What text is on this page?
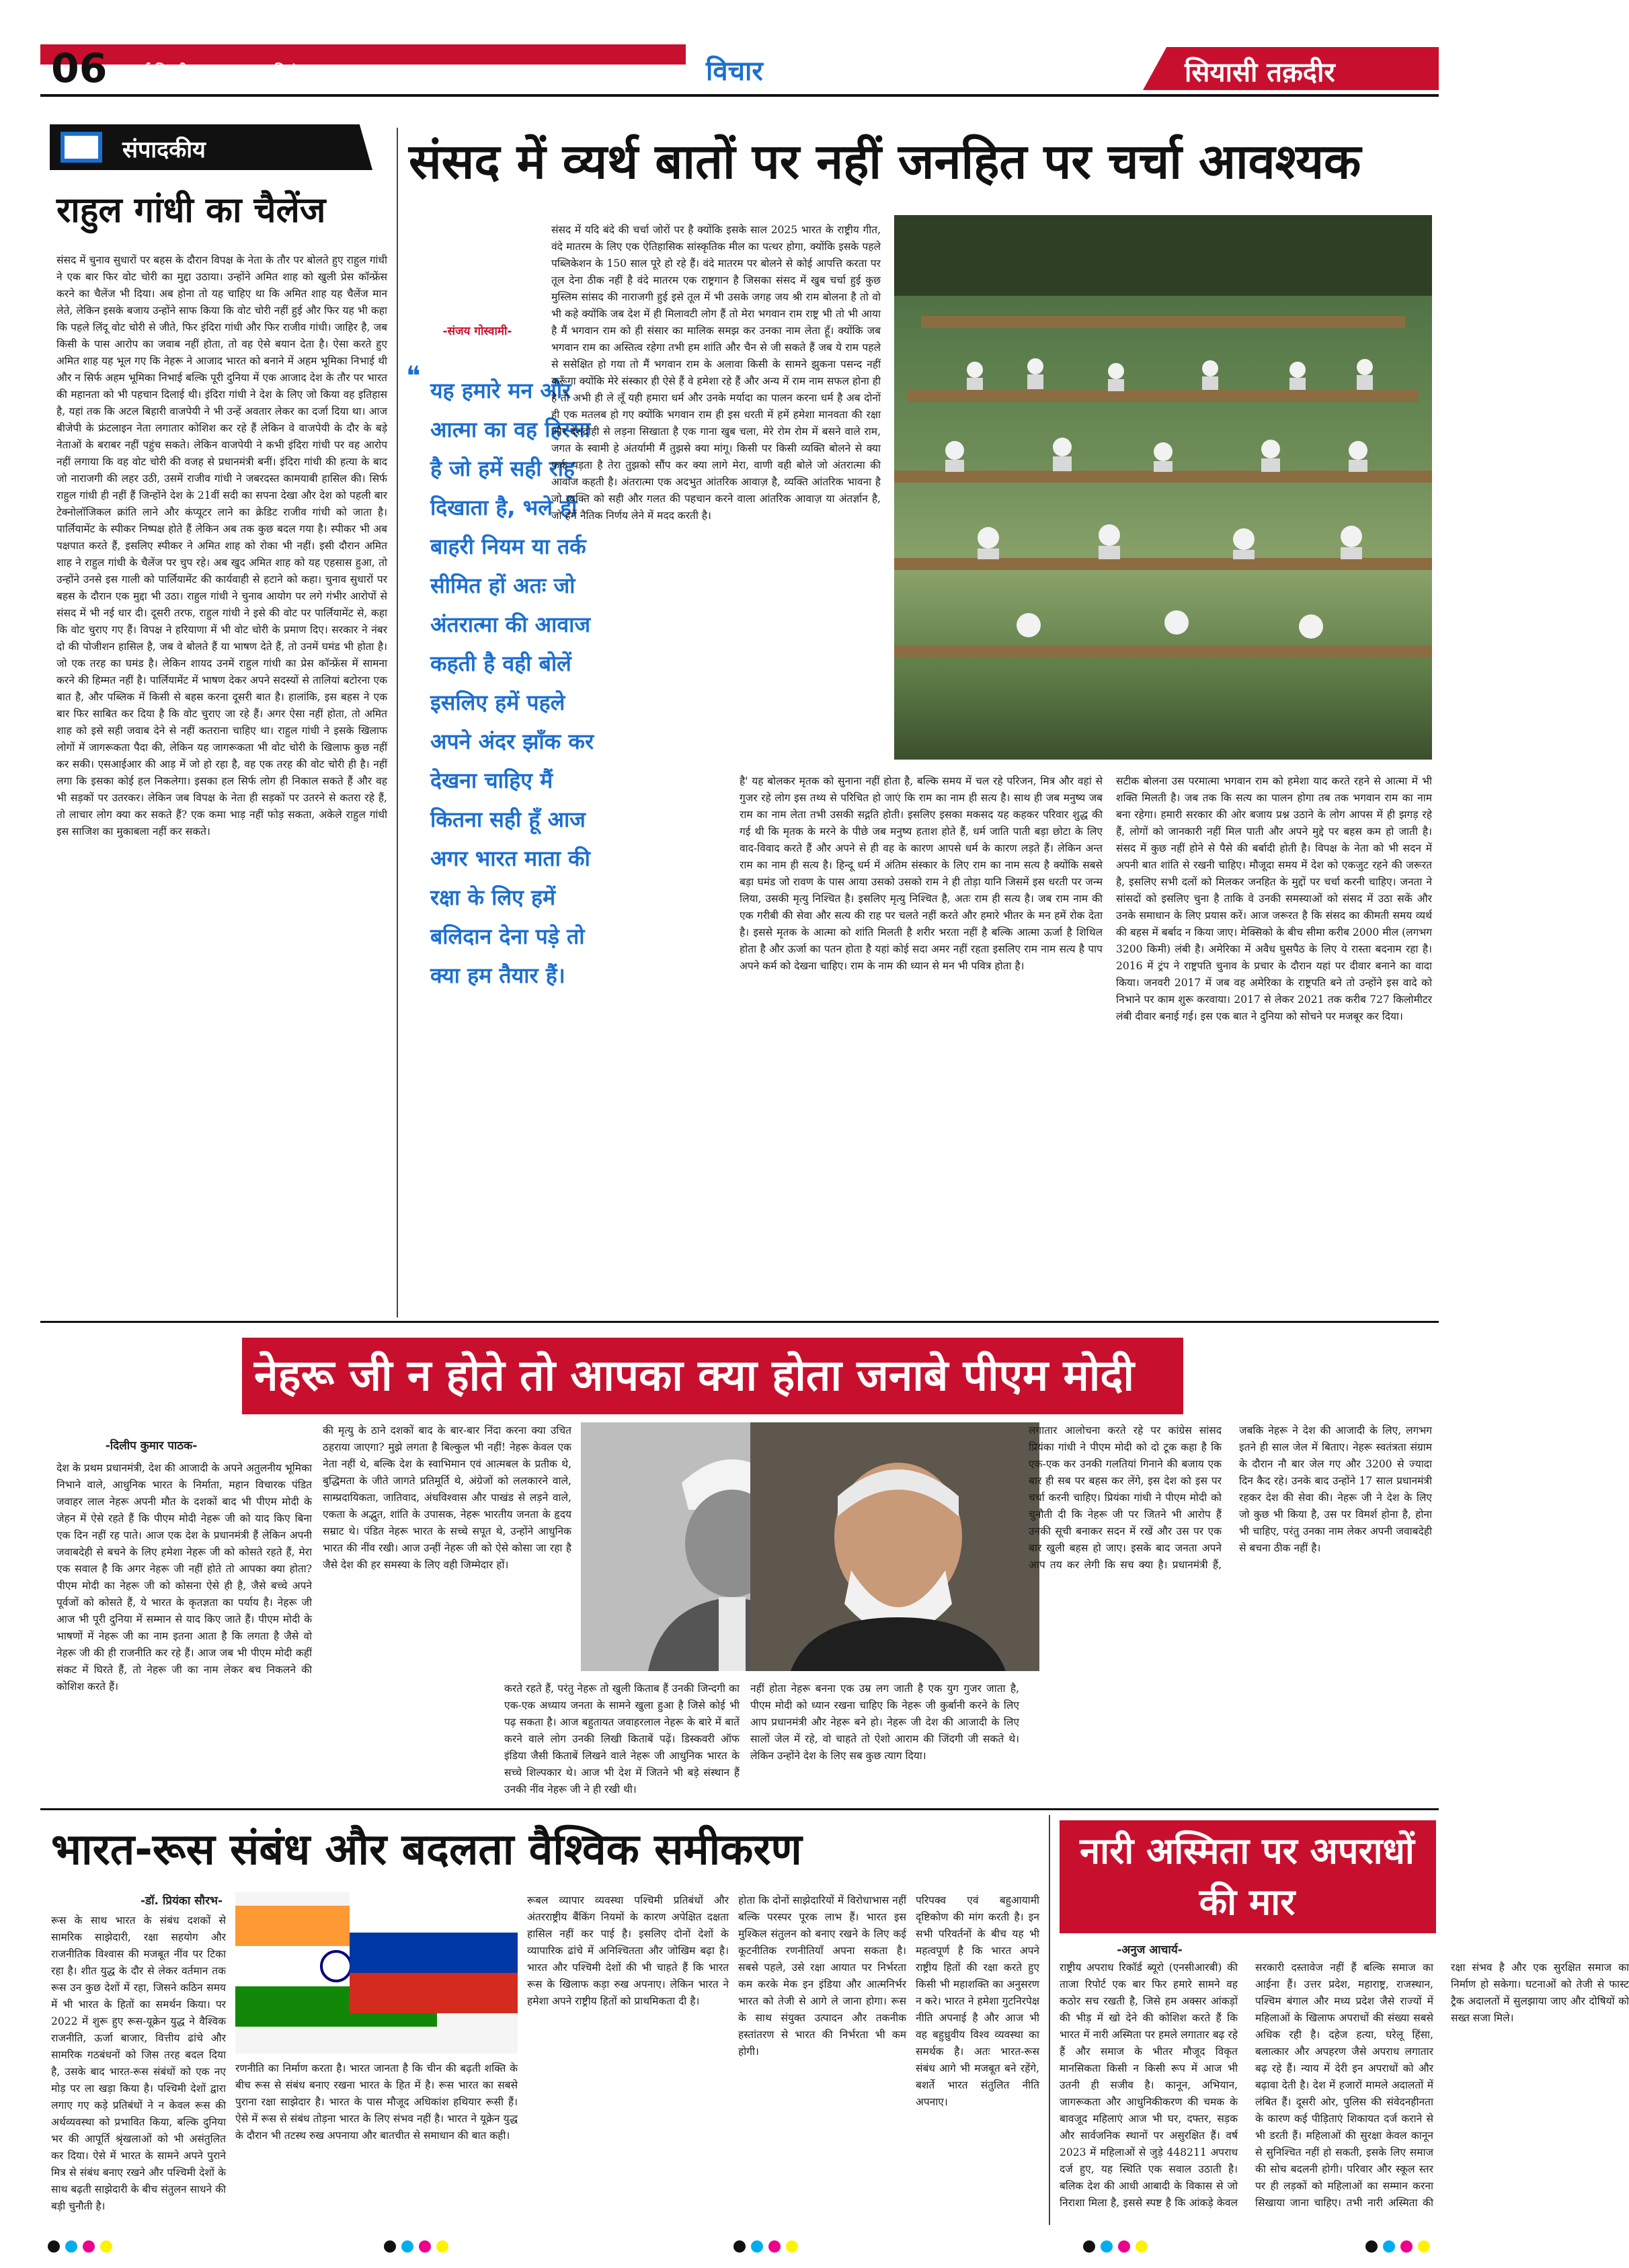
06 नई दिल्ली, शुक्रवार, 12 दिसंबर, 2025	विचार	सियासी तक़दीर
संपादकीय
राहुल गांधी का चैलेंज
संसद में चुनाव सुधारों पर बहस के दौरान विपक्ष के नेता के तौर पर बोलते हुए राहुल गांधी ने एक बार फिर वोट चोरी का मुद्दा उठाया। उन्होंने अमित शाह को खुली प्रेस कॉन्फ्रेंस करने का चैलेंज भी दिया। अब होना तो यह चाहिए था कि अमित शाह यह चैलेंज मान लेते, लेकिन इसके बजाय उन्होंने साफ किया कि वोट चोरी नहीं हुई और फिर यह भी कहा कि पहले लिंदू वोट चोरी से जीते, फिर इंदिरा गांधी और फिर राजीव गांधी। जाहिर है, जब किसी के पास आरोप का जवाब नहीं होता, तो वह ऐसे बयान देता है। ऐसा करते हुए अमित शाह यह भूल गए कि नेहरू ने आजाद भारत को बनाने में अहम भूमिका निभाई थी और न सिर्फ अहम भूमिका निभाई बल्कि पूरी दुनिया में एक आजाद देश के तौर पर भारत की महानता को भी पहचान दिलाई थी। इंदिरा गांधी ने देश के लिए जो किया वह इतिहास है, यहां तक कि अटल बिहारी वाजपेयी ने भी उन्हें अवतार लेकर का दर्जा दिया था। आज बीजेपी के फ्रंटलाइन नेता लगातार कोशिश कर रहे हैं लेकिन वे वाजपेयी के दौर के बड़े नेताओं के बराबर नहीं पहुंच सकते। लेकिन वाजपेयी ने कभी इंदिरा गांधी पर वह आरोप नहीं लगाया कि वह वोट चोरी की वजह से प्रधानमंत्री बनीं। इंदिरा गांधी की हत्या के बाद जो नाराजगी की लहर उठी, उसमें राजीव गांधी ने जबरदस्त कामयाबी हासिल की। सिर्फ राहुल गांधी ही नहीं हैं जिन्होंने देश के 21वीं सदी का सपना देखा और देश को पहली बार टेक्नोलॉजिकल क्रांति लाने और कंप्यूटर लाने का क्रेडिट राजीव गांधी को जाता है। पार्लियामेंट के स्पीकर निष्पक्ष होते हैं लेकिन अब तक कुछ बदल गया है। स्पीकर भी अब पक्षपात करते हैं, इसलिए स्पीकर ने अमित शाह को रोका भी नहीं। इसी दौरान अमित शाह ने राहुल गांधी के चैलेंज पर चुप रहे। अब खुद अमित शाह को यह एहसास हुआ, तो उन्होंने उनसे इस गाली को पार्लियामेंट की कार्यवाही से हटाने को कहा। चुनाव सुधारों पर बहस के दौरान एक मुद्दा भी उठा। राहुल गांधी ने चुनाव आयोग पर लगे गंभीर आरोपों से संसद में भी नई धार दी। दूसरी तरफ, राहुल गांधी ने इसे की वोट पर पार्लियामेंट से, कहा कि वोट चुराए गए हैं। विपक्ष ने हरियाणा में भी वोट चोरी के प्रमाण दिए। सरकार ने नंबर दो की पोजीशन हासिल है, जब वे बोलते हैं या भाषण देते हैं, तो उनमें घमंड भी होता है। जो एक तरह का घमंड है। लेकिन शायद उनमें राहुल गांधी का प्रेस कॉन्फ्रेंस में सामना करने की हिम्मत नहीं है। पार्लियामेंट में भाषण देकर अपने सदस्यों से तालियां बटोरना एक बात है, और पब्लिक में किसी से बहस करना दूसरी बात है। हालांकि, इस बहस ने एक बार फिर साबित कर दिया है कि वोट चुराए जा रहे हैं। अगर ऐसा नहीं होता, तो अमित शाह को इसे सही जवाब देने से नहीं कतराना चाहिए था। राहुल गांधी ने इसके खिलाफ लोगों में जागरूकता पैदा की, लेकिन यह जागरूकता भी वोट चोरी के खिलाफ कुछ नहीं कर सकी। एसआईआर की आड़ में जो हो रहा है, वह एक तरह की वोट चोरी ही है। नहीं लगा कि इसका कोई हल निकलेगा। इसका हल सिर्फ लोग ही निकाल सकते हैं और वह भी सड़कों पर उतरकर। लेकिन जब विपक्ष के नेता ही सड़कों पर उतरने से कतरा रहे हैं, तो लाचार लोग क्या कर सकते हैं? एक कमा भाड़ नहीं फोड़ सकता, अकेले राहुल गांधी इस साजिश का मुकाबला नहीं कर सकते।
संसद में व्यर्थ बातों पर नहीं जनहित पर चर्चा आवश्यक
-संजय गोस्वामी-
❝ यह हमारे मन और आत्मा का वह हिस्सा है जो हमें सही राह दिखाता है, भले ही बाहरी नियम या तर्क सीमित हों अतः जो अंतरात्मा की आवाज कहती है वही बोलें इसलिए हमें पहले अपने अंदर झाँक कर देखना चाहिए मैं कितना सही हूँ आज अगर भारत माता की रक्षा के लिए हमें बलिदान देना पड़े तो क्या हम तैयार हैं।
संसद में यदि बंदे की चर्चा जोरों पर है क्योंकि इसके साल 2025 भारत के राष्ट्रीय गीत, वंदे मातरम के लिए एक ऐतिहासिक सांस्कृतिक मील का पत्थर होगा, क्योंकि इसके पहले पब्लिकेशन के 150 साल पूरे हो रहे हैं। वंदे मातरम पर बोलने से कोई आपत्ति करता पर तूल देना ठीक नहीं है वंदे मातरम एक राष्ट्रगान है जिसका संसद में खुब चर्चा हुई कुछ मुस्लिम सांसद की नाराजगी हुई इसे तूल में भी उसके जगह जय श्री राम बोलना है तो वो भी कहे क्योंकि जब देश में ही मिलावटी लोग हैं तो मेरा भगवान राम राष्ट्र भी तो भी आया है मैं भगवान राम को ही संसार का मालिक समझ कर उनका नाम लेता हूँ। क्योंकि जब भगवान राम का अस्तित्व रहेगा तभी हम शांति और चैन से जी सकते हैं जब ये राम पहले से ससेक्षित हो गया तो मैं भगवान राम के अलावा किसी के सामने झुकना पसन्द नहीं करूँगा क्योंकि मेरे संस्कार ही ऐसे हैं वे हमेशा रहे हैं और अन्य में राम नाम सफल होना ही है तो अभी ही ले लूँ यही हमारा धर्म और उनके मर्यादा का पालन करना धर्म है अब दोनों ही एक मतलब हो गए क्योंकि भगवान राम ही इस धरती में हमें हमेशा मानवता की रक्षा और देशद्रोही से लड़ना सिखाता है एक गाना खुब चला, मेरे रोम रोम में बसने वाले राम, जगत के स्वामी हे अंतर्यामी मैं तुझसे क्या मांगू। किसी पर किसी व्यक्ति बोलने से क्या फर्क पड़ता है तेरा तुझको सौंप कर क्या लागे मेरा, वाणी वही बोले जो अंतरात्मा की आवाज कहती है। अंतरात्मा एक अदभुत आंतरिक आवाज़ है, व्यक्ति आंतरिक भावना है जो व्यक्ति को सही और गलत की पहचान करने वाला आंतरिक आवाज़ या अंतर्ज्ञान है, जो हमें नैतिक निर्णय लेने में मदद करती है।
है' यह बोलकर मृतक को सुनाना नहीं होता है, बल्कि समय में चल रहे परिजन, मित्र और वहां से गुजर रहे लोग इस तथ्य से परिचित हो जाएं कि राम का नाम ही सत्य है। साथ ही जब मनुष्य जब राम का नाम लेता तभी उसकी सद्गति होती। इसलिए इसका मकसद यह कहकर परिवार शुद्ध की गई थी कि मृतक के मरने के पीछे जब मनुष्य हताश होते हैं, धर्म जाति पाती बड़ा छोटा के लिए वाद-विवाद करते हैं और अपने से ही वह के कारण आपसे धर्म के कारण लड़ते हैं। लेकिन अन्त राम का नाम ही सत्य है। हिन्दू धर्म में अंतिम संस्कार के लिए राम का नाम सत्य है क्योंकि सबसे बड़ा घमंड जो रावण के पास आया उसको उसको राम ने ही तोड़ा यानि जिसमें इस धरती पर जन्म लिया, उसकी मृत्यु निश्चित है। इसलिए मृत्यु निश्चित है, अतः राम ही सत्य है। जब राम नाम की एक गरीबी की सेवा और सत्य की राह पर चलते नहीं करते और हमारे भीतर के मन हमें रोक देता है। इससे मृतक के आत्मा को शांति मिलती है शरीर भरता नहीं है बल्कि आत्मा ऊर्जा है शिथिल होता है और ऊर्जा का पतन होता है यहां कोई सदा अमर नहीं रहता इसलिए राम नाम सत्य है पाप अपने कर्म को देखना चाहिए। राम के नाम की ध्यान से मन भी पवित्र होता है।
सटीक बोलना उस परमात्मा भगवान राम को हमेशा याद करते रहने से आत्मा में भी शक्ति मिलती है। जब तक कि सत्य का पालन होगा तब तक भगवान राम का नाम बना रहेगा। हमारी सरकार की ओर बजाय प्रश्न उठाने के लोग आपस में ही झगड़ रहे हैं, लोगों को जानकारी नहीं मिल पाती और अपने मुद्दे पर बहस कम हो जाती है। संसद में कुछ नहीं होने से पैसे की बर्बादी होती है। विपक्ष के नेता को भी सदन में अपनी बात शांति से रखनी चाहिए। मौजूदा समय में देश को एकजुट रहने की जरूरत है, इसलिए सभी दलों को मिलकर जनहित के मुद्दों पर चर्चा करनी चाहिए। जनता ने सांसदों को इसलिए चुना है ताकि वे उनकी समस्याओं को संसद में उठा सकें और उनके समाधान के लिए प्रयास करें। आज जरूरत है कि संसद का कीमती समय व्यर्थ की बहस में बर्बाद न किया जाए। मेक्सिको के बीच सीमा करीब 2000 मील (लगभग 3200 किमी) लंबी है। अमेरिका में अवैध घुसपैठ के लिए ये रास्ता बदनाम रहा है। 2016 में ट्रंप ने राष्ट्रपति चुनाव के प्रचार के दौरान यहां पर दीवार बनाने का वादा किया। जनवरी 2017 में जब वह अमेरिका के राष्ट्रपति बने तो उन्होंने इस वादे को निभाने पर काम शुरू करवाया। 2017 से लेकर 2021 तक करीब 727 किलोमीटर लंबी दीवार बनाई गई। इस एक बात ने दुनिया को सोचने पर मजबूर कर दिया।
नेहरू जी न होते तो आपका क्या होता जनाबे पीएम मोदी
-दिलीप कुमार पाठक-
देश के प्रथम प्रधानमंत्री, देश की आजादी के अपने अतुलनीय भूमिका निभाने वाले, आधुनिक भारत के निर्माता, महान विचारक पंडित जवाहर लाल नेहरू अपनी मौत के दशकों बाद भी पीएम मोदी के जेहन में ऐसे रहते हैं कि पीएम मोदी नेहरू जी को याद किए बिना एक दिन नहीं रह पाते। आज एक देश के प्रधानमंत्री हैं लेकिन अपनी जवाबदेही से बचने के लिए हमेशा नेहरू जी को कोसते रहते हैं, मेरा एक सवाल है कि अगर नेहरू जी नहीं होते तो आपका क्या होता? पीएम मोदी का नेहरू जी को कोसना ऐसे ही है, जैसे बच्चे अपने पूर्वजों को कोसते हैं, ये भारत के कृतज्ञता का पर्याय है। नेहरू जी आज भी पूरी दुनिया में सम्मान से याद किए जाते हैं। पीएम मोदी के भाषणों में नेहरू जी का नाम इतना आता है कि लगता है जैसे वो नेहरू जी की ही राजनीति कर रहे हैं। आज जब भी पीएम मोदी कहीं संकट में घिरते हैं, तो नेहरू जी का नाम लेकर बच निकलने की कोशिश करते हैं।
की मृत्यु के ठाने दशकों बाद के बार-बार निंदा करना क्या उचित ठहराया जाएगा? मुझे लगता है बिल्कुल भी नहीं! नेहरू केवल एक नेता नहीं थे, बल्कि देश के स्वाभिमान एवं आत्मबल के प्रतीक थे, बुद्धिमता के जीते जागते प्रतिमूर्ति थे, अंग्रेजों को ललकारने वाले, साम्प्रदायिकता, जातिवाद, अंधविश्वास और पाखंड से लड़ने वाले, एकता के अद्भुत, शांति के उपासक, नेहरू भारतीय जनता के हृदय सम्राट थे। पंडित नेहरू भारत के सच्चे सपूत थे, उन्होंने आधुनिक भारत की नींव रखी। आज उन्हीं नेहरू जी को ऐसे कोसा जा रहा है जैसे देश की हर समस्या के लिए वही जिम्मेदार हों।
करते रहते हैं, परंतु नेहरू तो खुली किताब हैं उनकी जिन्दगी का एक-एक अध्याय जनता के सामने खुला हुआ है जिसे कोई भी पढ़ सकता है। आज बहुतायत जवाहरलाल नेहरू के बारे में बातें करने वाले लोग उनकी लिखी किताबें पढ़ें। डिस्कवरी ऑफ इंडिया जैसी किताबें लिखने वाले नेहरू जी आधुनिक भारत के सच्चे शिल्पकार थे। आज भी देश में जितने भी बड़े संस्थान हैं उनकी नींव नेहरू जी ने ही रखी थी।
नहीं होता नेहरू बनना एक उम्र लग जाती है एक युग गुजर जाता है, पीएम मोदी को ध्यान रखना चाहिए कि नेहरू जी कुर्बानी करने के लिए आप प्रधानमंत्री और नेहरू बने हो। नेहरू जी देश की आजादी के लिए सालों जेल में रहे, वो चाहते तो ऐशो आराम की जिंदगी जी सकते थे। लेकिन उन्होंने देश के लिए सब कुछ त्याग दिया।
लगातार आलोचना करते रहे पर कांग्रेस सांसद प्रियंका गांधी ने पीएम मोदी को दो टूक कहा है कि एक-एक कर उनकी गलतियां गिनाने की बजाय एक बार ही सब पर बहस कर लेंगे, इस देश को इस पर चर्चा करनी चाहिए। प्रियंका गांधी ने पीएम मोदी को चुनौती दी कि नेहरू जी पर जितने भी आरोप हैं उनकी सूची बनाकर सदन में रखें और उस पर एक बार खुली बहस हो जाए। इसके बाद जनता अपने आप तय कर लेगी कि सच क्या है। प्रधानमंत्री हैं, जबकि नेहरू ने देश की आजादी के लिए, लगभग इतने ही साल जेल में बिताए। नेहरू स्वतंत्रता संग्राम के दौरान नौ बार जेल गए और 3200 से ज्यादा दिन कैद रहे। उनके बाद उन्होंने 17 साल प्रधानमंत्री रहकर देश की सेवा की। नेहरू जी ने देश के लिए जो कुछ भी किया है, उस पर विमर्श होना है, होना भी चाहिए, परंतु उनका नाम लेकर अपनी जवाबदेही से बचना ठीक नहीं है।
भारत-रूस संबंध और बदलता वैश्विक समीकरण
-डॉ. प्रियंका सौरभ-
रूस के साथ भारत के संबंध दशकों से सामरिक साझेदारी, रक्षा सहयोग और राजनीतिक विश्वास की मजबूत नींव पर टिका रहा है। शीत युद्ध के दौर से लेकर वर्तमान तक रूस उन कुछ देशों में रहा, जिसने कठिन समय में भी भारत के हितों का समर्थन किया। पर 2022 में शुरू हुए रूस-यूक्रेन युद्ध ने वैश्विक राजनीति, ऊर्जा बाजार, वित्तीय ढांचे और सामरिक गठबंधनों को जिस तरह बदल दिया है, उसके बाद भारत-रूस संबंधों को एक नए मोड़ पर ला खड़ा किया है। पश्चिमी देशों द्वारा लगाए गए कड़े प्रतिबंधों ने न केवल रूस की अर्थव्यवस्था को प्रभावित किया, बल्कि दुनिया भर की आपूर्ति श्रृंखलाओं को भी असंतुलित कर दिया। ऐसे में भारत के सामने अपने पुराने मित्र से संबंध बनाए रखने और पश्चिमी देशों के साथ बढ़ती साझेदारी के बीच संतुलन साधने की बड़ी चुनौती है।
रणनीति का निर्माण करता है। भारत जानता है कि चीन की बढ़ती शक्ति के बीच रूस से संबंध बनाए रखना भारत के हित में है। रूस भारत का सबसे पुराना रक्षा साझेदार है। भारत के पास मौजूद अधिकांश हथियार रूसी हैं। ऐसे में रूस से संबंध तोड़ना भारत के लिए संभव नहीं है। भारत ने यूक्रेन युद्ध के दौरान भी तटस्थ रुख अपनाया और बातचीत से समाधान की बात कही।
रूबल व्यापार व्यवस्था पश्चिमी प्रतिबंधों और अंतरराष्ट्रीय बैंकिंग नियमों के कारण अपेक्षित दक्षता हासिल नहीं कर पाई है। इसलिए दोनों देशों के व्यापारिक ढांचे में अनिश्चितता और जोखिम बढ़ा है। भारत और पश्चिमी देशों की भी चाहते हैं कि भारत रूस के खिलाफ कड़ा रुख अपनाए। लेकिन भारत ने हमेशा अपने राष्ट्रीय हितों को प्राथमिकता दी है।
होता कि दोनों साझेदारियों में विरोधाभास नहीं बल्कि परस्पर पूरक लाभ हैं। भारत इस मुश्किल संतुलन को बनाए रखने के लिए कई कूटनीतिक रणनीतियाँ अपना सकता है। सबसे पहले, उसे रक्षा आयात पर निर्भरता कम करके मेक इन इंडिया और आत्मनिर्भर भारत को तेजी से आगे ले जाना होगा। रूस के साथ संयुक्त उत्पादन और तकनीक हस्तांतरण से भारत की निर्भरता भी कम होगी।
परिपक्व एवं बहुआयामी दृष्टिकोण की मांग करती है। इन सभी परिवर्तनों के बीच यह भी महत्वपूर्ण है कि भारत अपने राष्ट्रीय हितों की रक्षा करते हुए किसी भी महाशक्ति का अनुसरण न करे। भारत ने हमेशा गुटनिरपेक्ष नीति अपनाई है और आज भी वह बहुध्रुवीय विश्व व्यवस्था का समर्थक है। अतः भारत-रूस संबंध आगे भी मजबूत बने रहेंगे, बशर्ते भारत संतुलित नीति अपनाए।
नारी अस्मिता पर अपराधों की मार
-अनुज आचार्य-
राष्ट्रीय अपराध रिकॉर्ड ब्यूरो (एनसीआरबी) की ताजा रिपोर्ट एक बार फिर हमारे सामने वह कठोर सच रखती है, जिसे हम अक्सर आंकड़ों की भीड़ में खो देने की कोशिश करते हैं कि भारत में नारी अस्मिता पर हमले लगातार बढ़ रहे हैं और समाज के भीतर मौजूद विकृत मानसिकता किसी न किसी रूप में आज भी उतनी ही सजीव है। कानून, अभियान, जागरूकता और आधुनिकीकरण की चमक के बावजूद महिलाएं आज भी घर, दफ्तर, सड़क और सार्वजनिक स्थानों पर असुरक्षित हैं। वर्ष 2023 में महिलाओं से जुड़े 448211 अपराध दर्ज हुए, यह स्थिति एक सवाल उठाती है। बलिक देश की आधी आबादी के विकास से जो निराशा मिला है, इससे स्पष्ट है कि आंकड़े केवल सरकारी दस्तावेज नहीं हैं बल्कि समाज का आईना हैं। उत्तर प्रदेश, महाराष्ट्र, राजस्थान, पश्चिम बंगाल और मध्य प्रदेश जैसे राज्यों में महिलाओं के खिलाफ अपराधों की संख्या सबसे अधिक रही है। दहेज हत्या, घरेलू हिंसा, बलात्कार और अपहरण जैसे अपराध लगातार बढ़ रहे हैं। न्याय में देरी इन अपराधों को और बढ़ावा देती है। देश में हजारों मामले अदालतों में लंबित हैं। दूसरी ओर, पुलिस की संवेदनहीनता के कारण कई पीड़िताएं शिकायत दर्ज कराने से भी डरती हैं। महिलाओं की सुरक्षा केवल कानून से सुनिश्चित नहीं हो सकती, इसके लिए समाज की सोच बदलनी होगी। परिवार और स्कूल स्तर पर ही लड़कों को महिलाओं का सम्मान करना सिखाया जाना चाहिए। तभी नारी अस्मिता की रक्षा संभव है और एक सुरक्षित समाज का निर्माण हो सकेगा। घटनाओं को तेजी से फास्ट ट्रैक अदालतों में सुलझाया जाए और दोषियों को सख्त सजा मिले।
